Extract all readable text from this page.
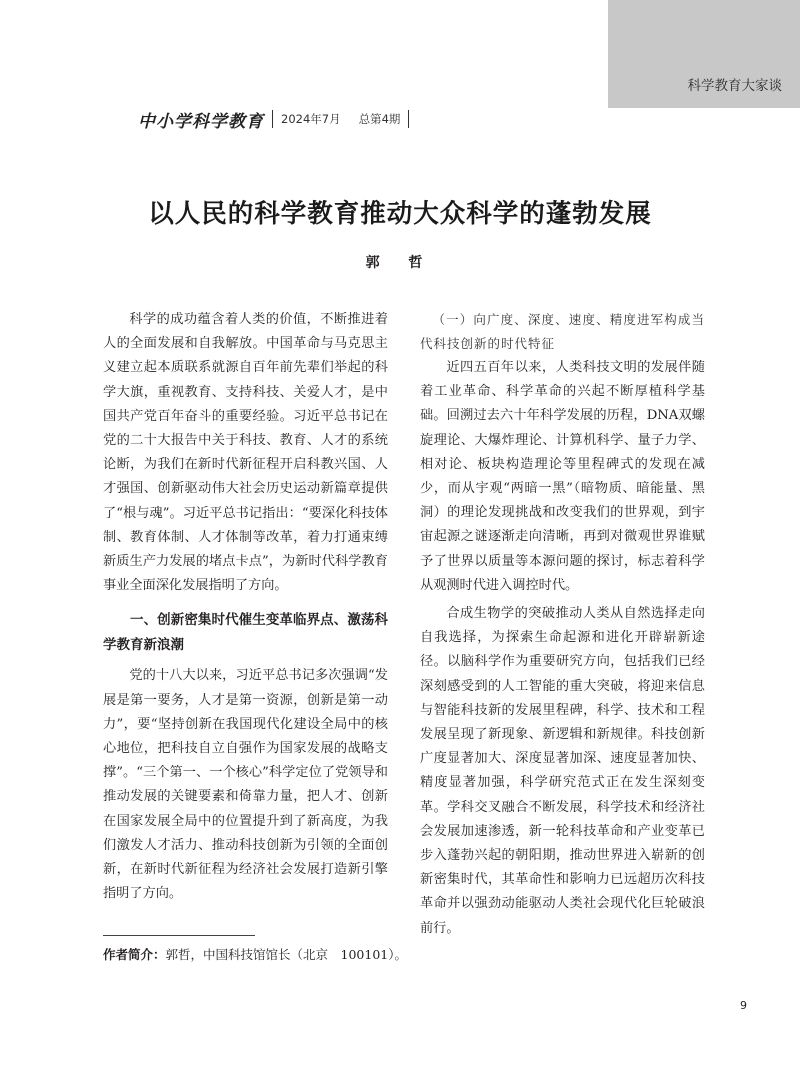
科学教育大家谈
中小学科学教育 2024年7月 总第4期
以人民的科学教育推动大众科学的蓬勃发展
郭 哲

科学的成功蕴含着人类的价值，不断推进着人的全面发展和自我解放。中国革命与马克思主义建立起本质联系就源自百年前先辈们举起的科学大旗，重视教育、支持科技、关爱人才，是中国共产党百年奋斗的重要经验。习近平总书记在党的二十大报告中关于科技、教育、人才的系统论断，为我们在新时代新征程开启科教兴国、人才强国、创新驱动伟大社会历史运动新篇章提供了“根与魂”。习近平总书记指出：“要深化科技体制、教育体制、人才体制等改革，着力打通束缚新质生产力发展的堵点卡点”，为新时代科学教育事业全面深化发展指明了方向。

一、创新密集时代催生变革临界点、激荡科学教育新浪潮

党的十八大以来，习近平总书记多次强调“发展是第一要务，人才是第一资源，创新是第一动力”，要“坚持创新在我国现代化建设全局中的核心地位，把科技自立自强作为国家发展的战略支撑”。“三个第一、一个核心”科学定位了党领导和推动发展的关键要素和倚靠力量，把人才、创新在国家发展全局中的位置提升到了新高度，为我们激发人才活力、推动科技创新为引领的全面创新，在新时代新征程为经济社会发展打造新引擎指明了方向。

（一）向广度、深度、速度、精度进军构成当代科技创新的时代特征

近四五百年以来，人类科技文明的发展伴随着工业革命、科学革命的兴起不断厚植科学基础。回溯过去六十年科学发展的历程，DNA双螺旋理论、大爆炸理论、计算机科学、量子力学、相对论、板块构造理论等里程碑式的发现在减少，而从宇观“两暗一黑”（暗物质、暗能量、黑洞）的理论发现挑战和改变我们的世界观，到宇宙起源之谜逐渐走向清晰，再到对微观世界谁赋予了世界以质量等本源问题的探讨，标志着科学从观测时代进入调控时代。

合成生物学的突破推动人类从自然选择走向自我选择，为探索生命起源和进化开辟崭新途径。以脑科学作为重要研究方向，包括我们已经深刻感受到的人工智能的重大突破，将迎来信息与智能科技新的发展里程碑，科学、技术和工程发展呈现了新现象、新逻辑和新规律。科技创新广度显著加大、深度显著加深、速度显著加快、精度显著加强，科学研究范式正在发生深刻变革。学科交叉融合不断发展，科学技术和经济社会发展加速渗透，新一轮科技革命和产业变革已步入蓬勃兴起的朝阳期，推动世界进入崭新的创新密集时代，其革命性和影响力已远超历次科技革命并以强劲动能驱动人类社会现代化巨轮破浪前行。

作者简介：郭哲，中国科技馆馆长（北京　100101）。
9
